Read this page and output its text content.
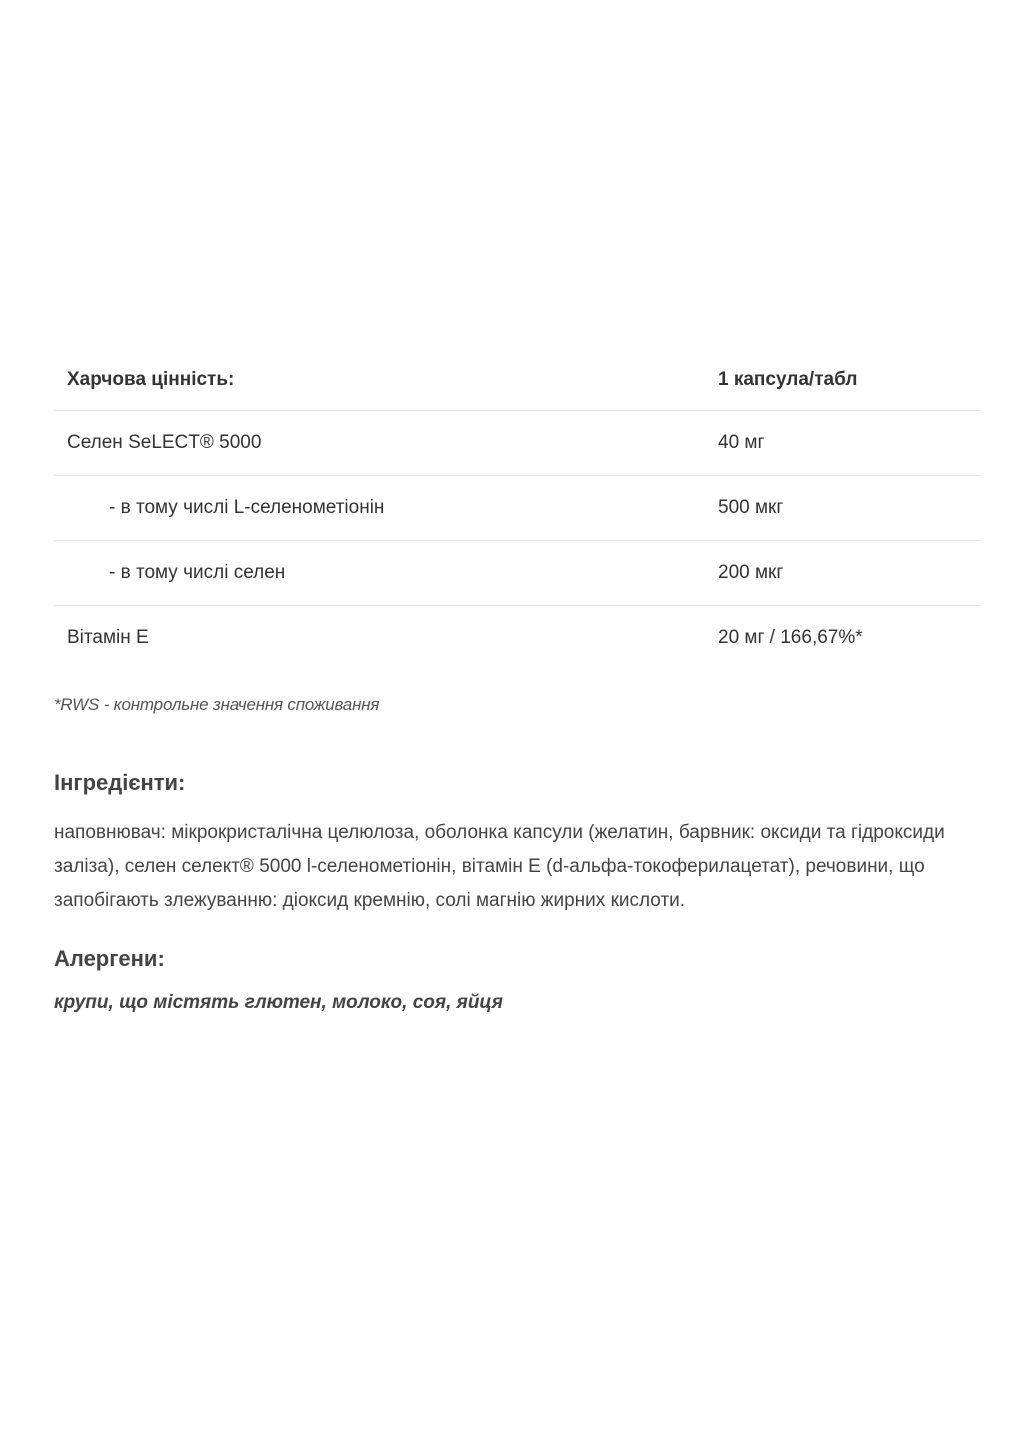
Харчова цінність:	1 капсула/табл
Селен SeLECT® 5000	40 мг
- в тому числі L-селенометіонін	500 мкг
- в тому числі селен	200 мкг
Вітамін Е	20 мг / 166,67%*
*RWS - контрольне значення споживання
Інгредієнти:
наповнювач: мікрокристалічна целюлоза, оболонка капсули (желатин, барвник: оксиди та гідроксиди заліза), селен селект® 5000 l-селенометіонін, вітамін Е (d-альфа-токоферилацетат), речовини, що запобігають злежуванню: діоксид кремнію, солі магнію жирних кислоти.
Алергени:
крупи, що містять глютен, молоко, соя, яйця
